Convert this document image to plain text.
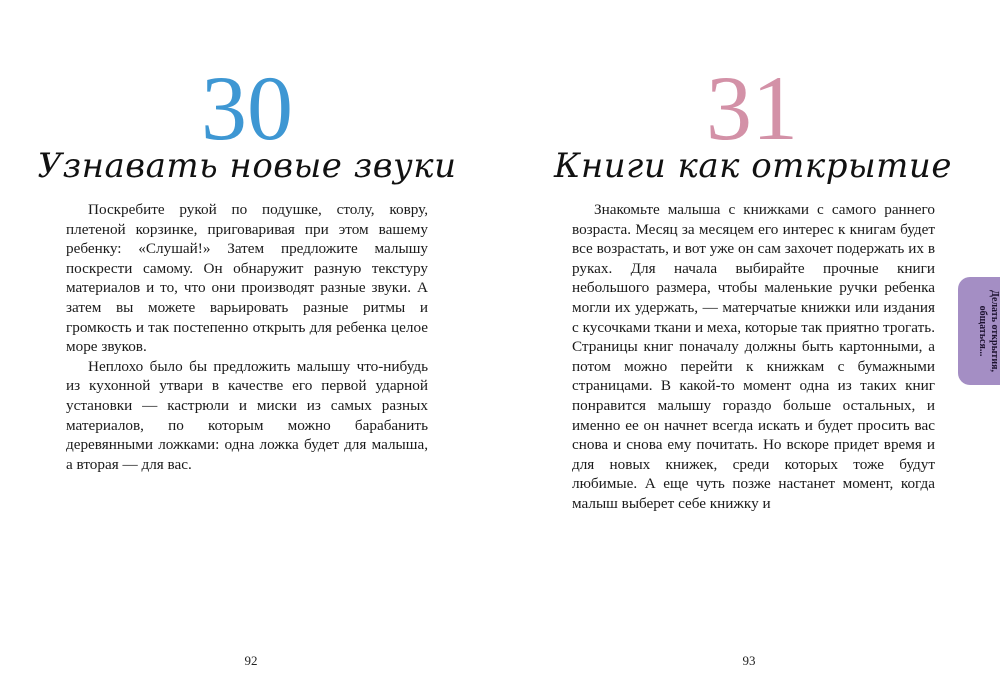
30
Узнавать новые звуки

Поскребите рукой по подушке, столу, ковру, плетеной корзинке, приговаривая при этом вашему ребенку: «Слушай!» Затем предложите малышу поскрести самому. Он обнаружит разную текстуру материалов и то, что они производят разные звуки. А затем вы можете варьировать разные ритмы и громкость и так постепенно открыть для ребенка целое море звуков.

Неплохо было бы предложить малышу что-нибудь из кухонной утвари в качестве его первой ударной установки — кастрюли и миски из самых разных материалов, по которым можно барабанить деревянными ложками: одна ложка будет для малыша, а вторая — для вас.

92
31
Книги как открытие

Знакомьте малыша с книжками с самого раннего возраста. Месяц за месяцем его интерес к книгам будет все возрастать, и вот уже он сам захочет подержать их в руках. Для начала выбирайте прочные книги небольшого размера, чтобы маленькие ручки ребенка могли их удержать, — матерчатые книжки или издания с кусочками ткани и меха, которые так приятно трогать. Страницы книг поначалу должны быть картонными, а потом можно перейти к книжкам с бумажными страницами. В какой-то момент одна из таких книг понравится малышу гораздо больше остальных, и именно ее он начнет всегда искать и будет просить вас снова и снова ему почитать. Но вскоре придет время и для новых книжек, среди которых тоже будут любимые. А еще чуть позже настанет момент, когда малыш выберет себе книжку и

93
Делать открытия,
общаться...
